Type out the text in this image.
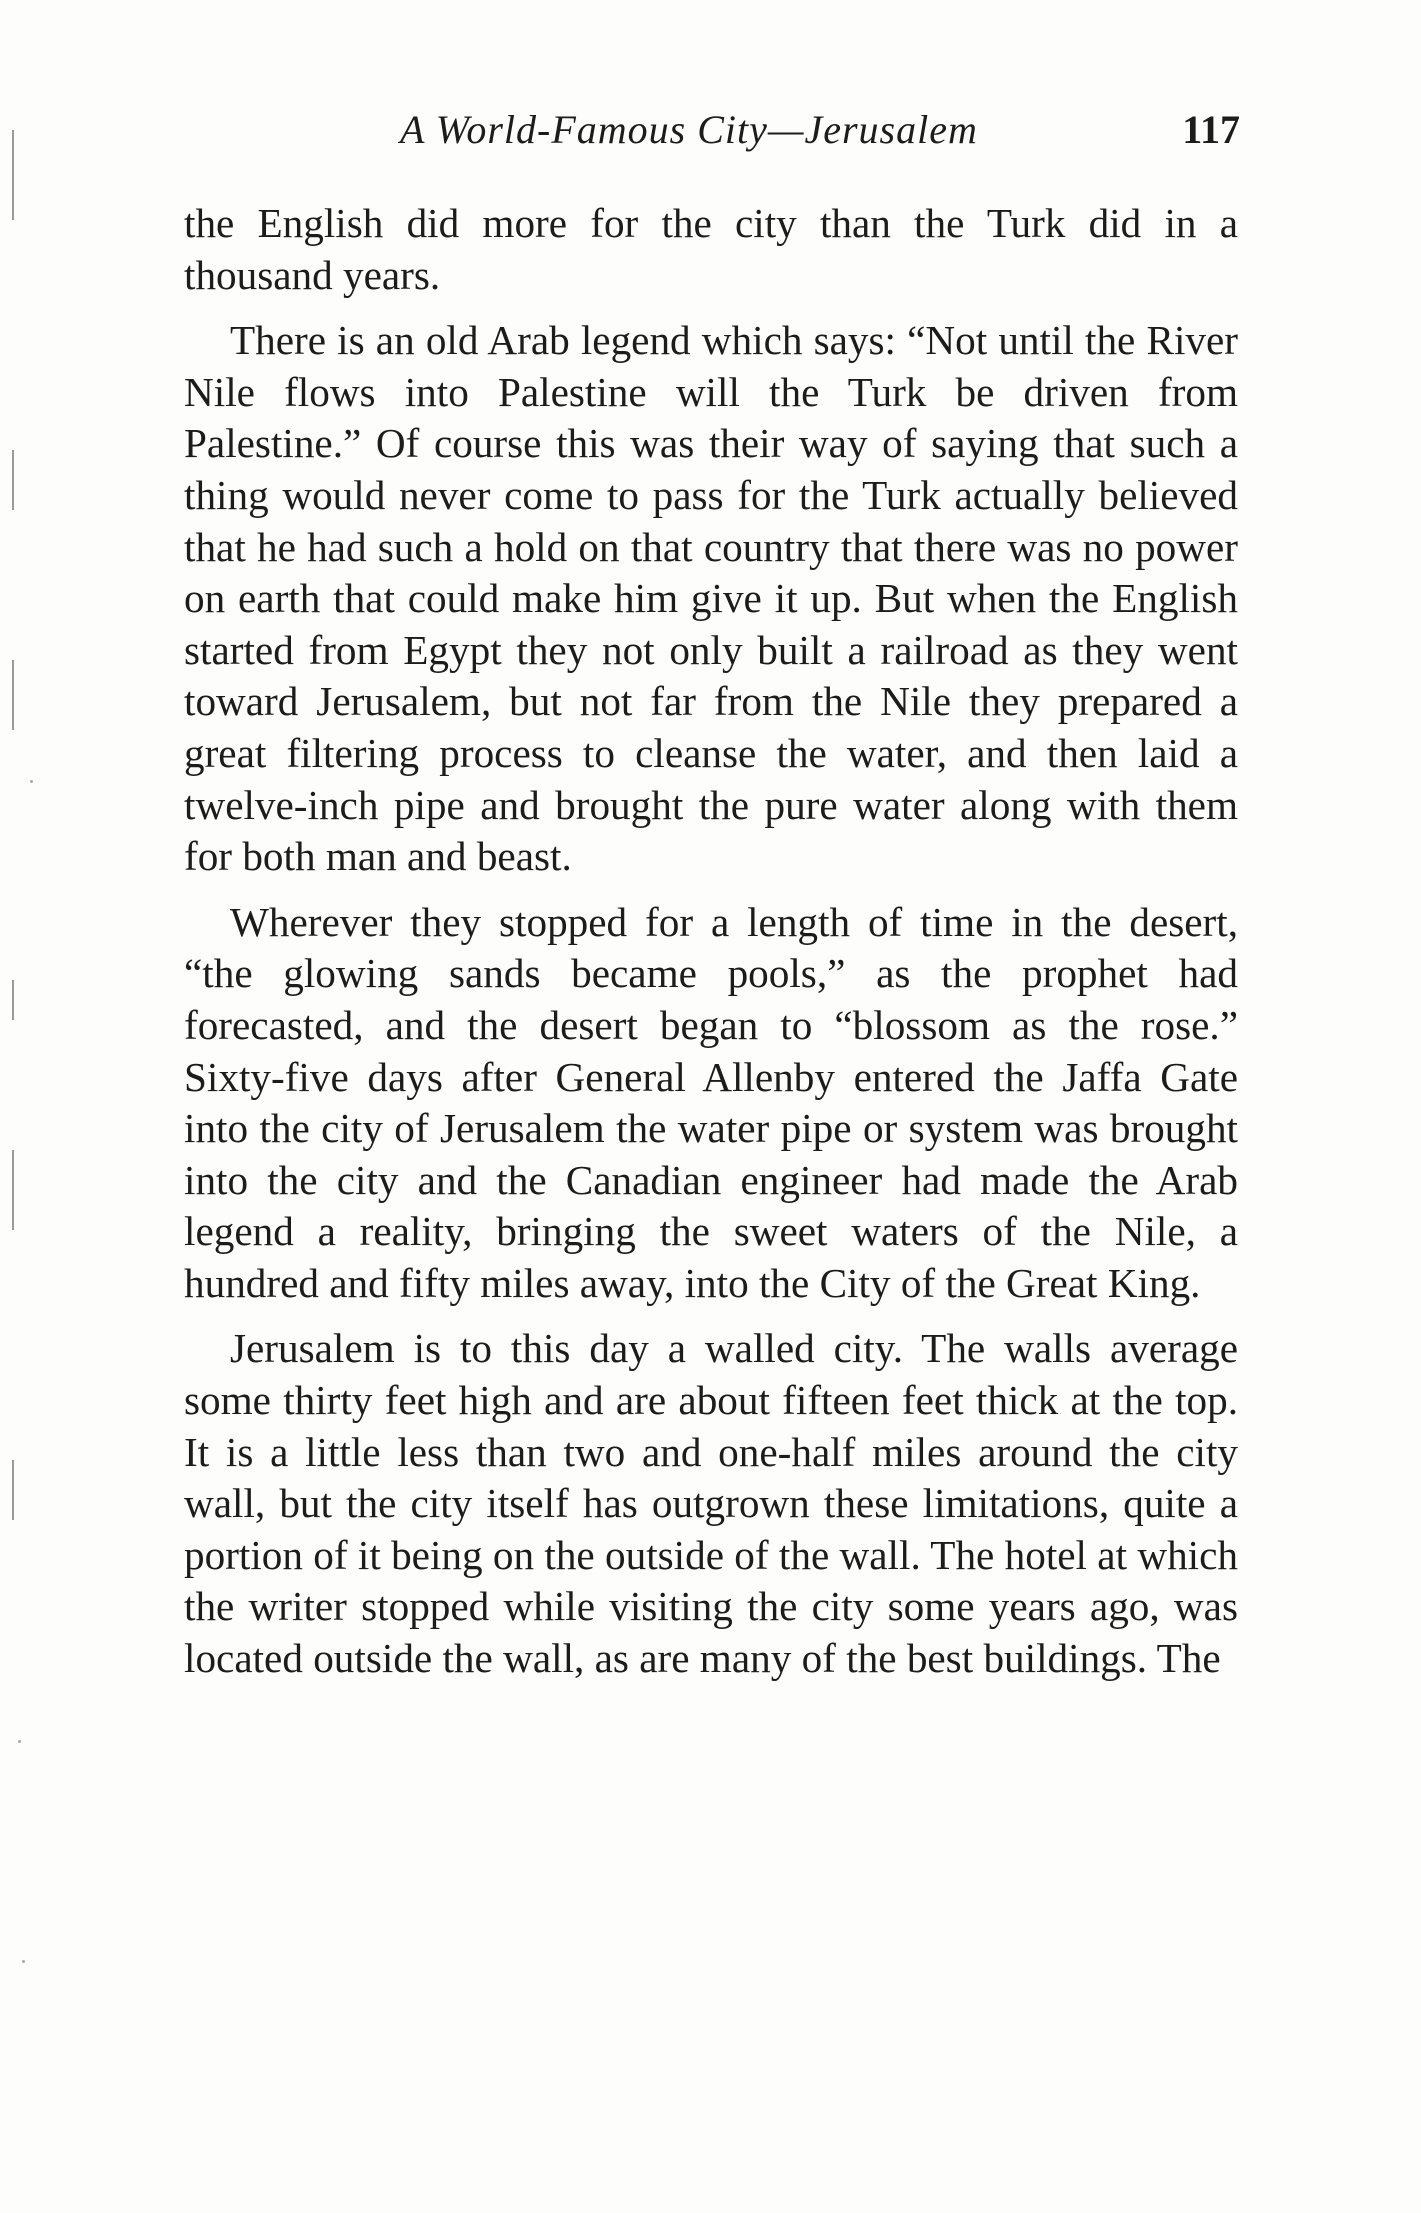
A World-Famous City—Jerusalem	117

the English did more for the city than the Turk did in a thousand years.

There is an old Arab legend which says: “Not until the River Nile flows into Palestine will the Turk be driven from Palestine.” Of course this was their way of saying that such a thing would never come to pass for the Turk actually believed that he had such a hold on that country that there was no power on earth that could make him give it up. But when the English started from Egypt they not only built a railroad as they went toward Jerusalem, but not far from the Nile they prepared a great filtering process to cleanse the water, and then laid a twelve-inch pipe and brought the pure water along with them for both man and beast.

Wherever they stopped for a length of time in the desert, “the glowing sands became pools,” as the prophet had forecasted, and the desert began to “blossom as the rose.” Sixty-five days after General Allenby entered the Jaffa Gate into the city of Jerusalem the water pipe or system was brought into the city and the Canadian engineer had made the Arab legend a reality, bringing the sweet waters of the Nile, a hundred and fifty miles away, into the City of the Great King.

Jerusalem is to this day a walled city. The walls average some thirty feet high and are about fifteen feet thick at the top. It is a little less than two and one-half miles around the city wall, but the city itself has outgrown these limitations, quite a portion of it being on the outside of the wall. The hotel at which the writer stopped while visiting the city some years ago, was located outside the wall, as are many of the best buildings. The
